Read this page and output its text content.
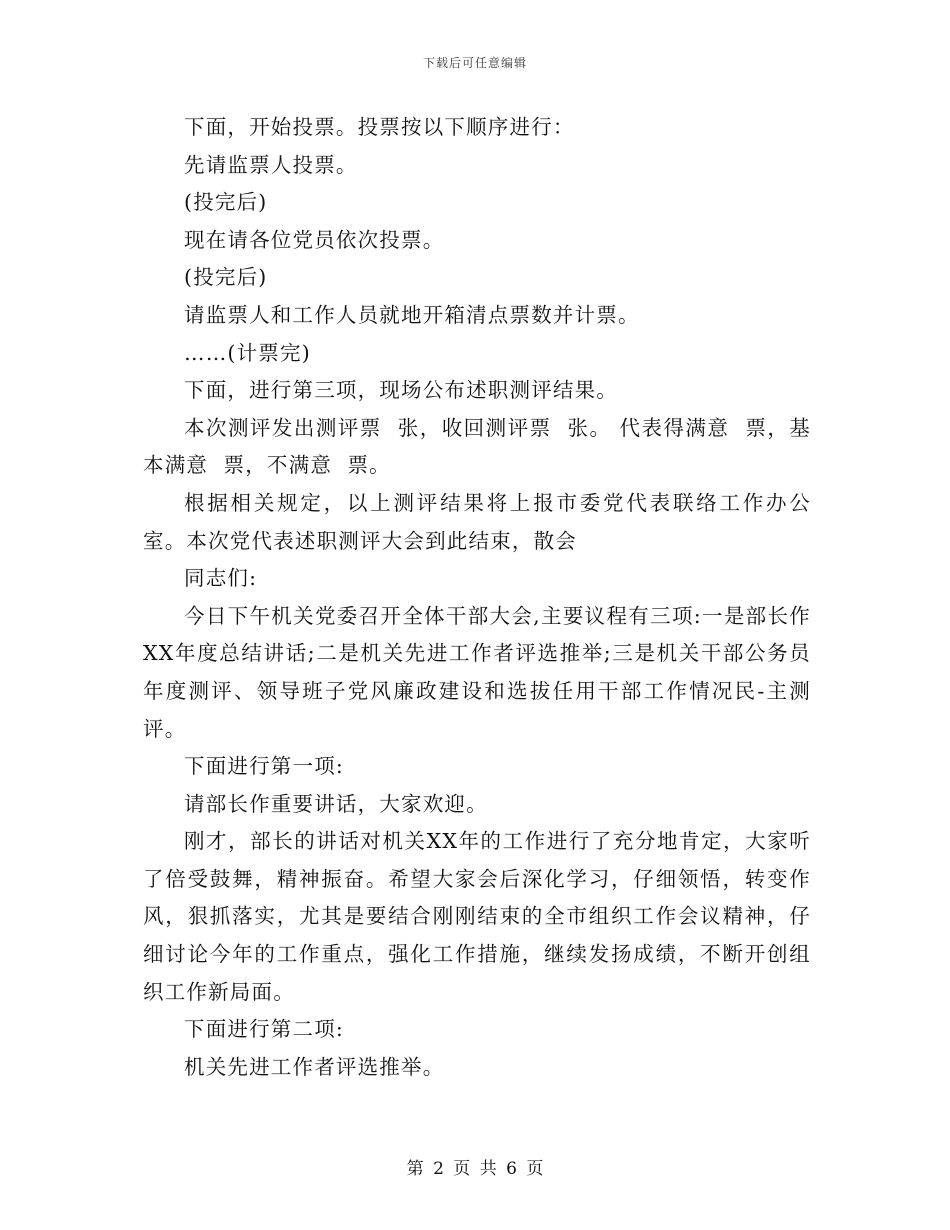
下载后可任意编辑

下面，开始投票。投票按以下顺序进行：

先请监票人投票。

(投完后)

现在请各位党员依次投票。

(投完后)

请监票人和工作人员就地开箱清点票数并计票。

……(计票完)

下面，进行第三项，现场公布述职测评结果。

本次测评发出测评票  张，收回测评票  张。 代表得满意  票，基本满意  票，不满意  票。

根据相关规定，以上测评结果将上报市委党代表联络工作办公室。本次党代表述职测评大会到此结束，散会

同志们:

今日下午机关党委召开全体干部大会,主要议程有三项:一是部长作XX年度总结讲话;二是机关先进工作者评选推举;三是机关干部公务员年度测评、领导班子党风廉政建设和选拔任用干部工作情况民-主测评。

下面进行第一项:

请部长作重要讲话，大家欢迎。

刚才，部长的讲话对机关XX年的工作进行了充分地肯定，大家听了倍受鼓舞，精神振奋。希望大家会后深化学习，仔细领悟，转变作风，狠抓落实，尤其是要结合刚刚结束的全市组织工作会议精神，仔细讨论今年的工作重点，强化工作措施，继续发扬成绩，不断开创组织工作新局面。

下面进行第二项:

机关先进工作者评选推举。

第 2 页 共 6 页
